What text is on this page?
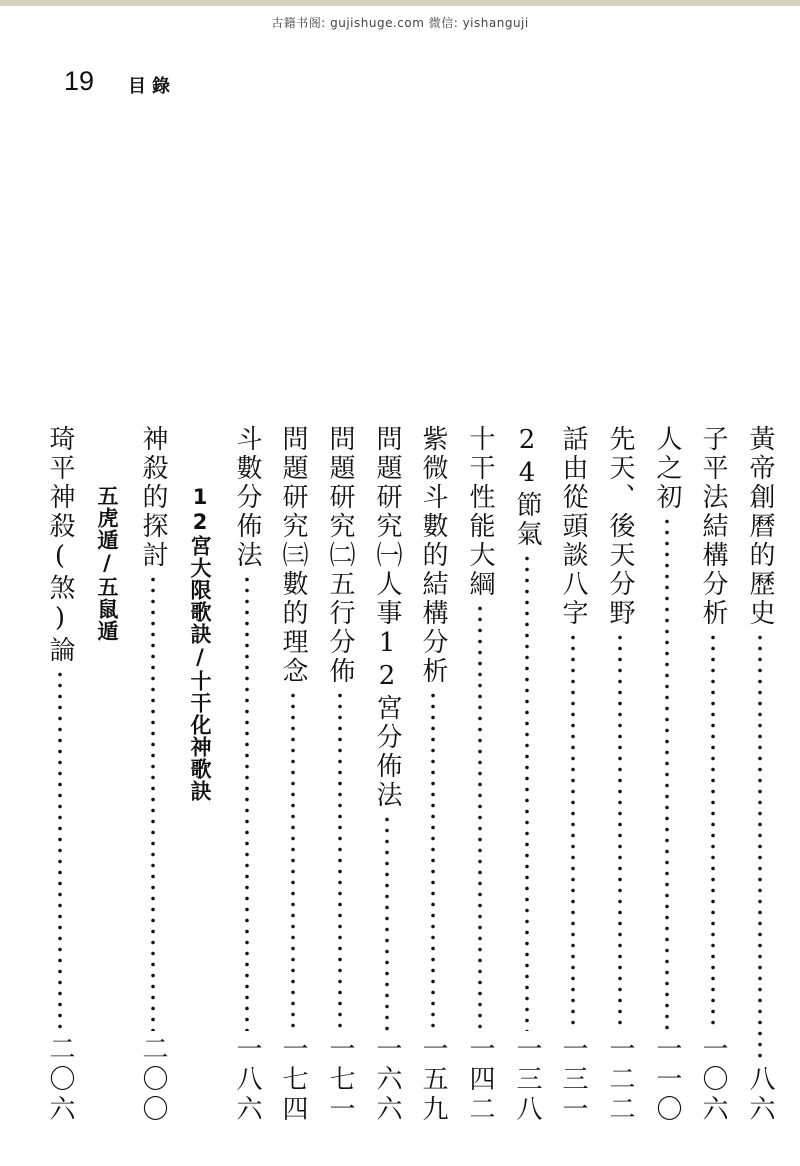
古籍书阁: gujishuge.com 微信: yishanguji
19 目錄
黃帝創曆的歷史
八六
子平法結構分析
一〇六
人之初
一一〇
先天、後天分野
一二二
話由從頭談八字
一三一
24節氣
一三八
十干性能大綱
一四二
紫微斗數的結構分析
一五九
問題研究㈠人事12宮分佈法
一六六
問題研究㈡五行分佈
一七一
問題研究㈢數的理念
一七四
斗數分佈法
一八六
12宮大限歌訣/十干化神歌訣
神殺的探討
二〇〇
五虎遁/五鼠遁
琦平神殺(煞)論
二〇六
